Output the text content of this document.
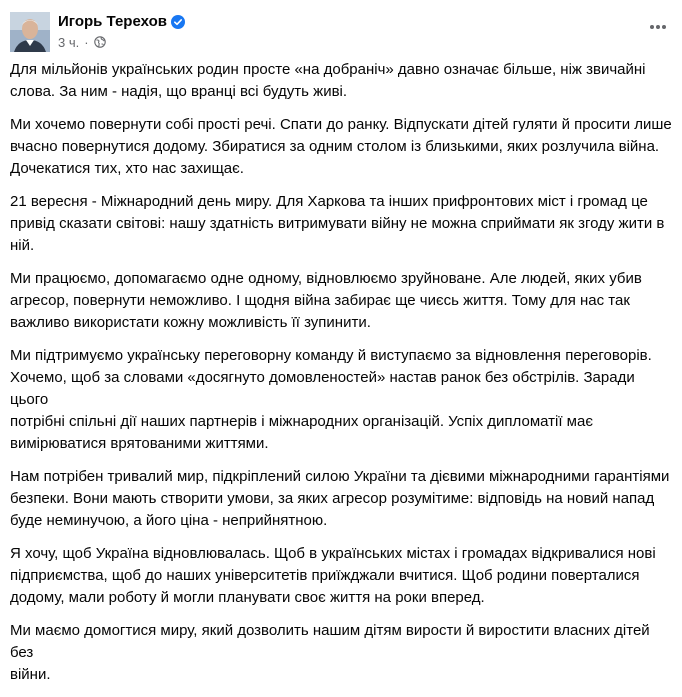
Игорь Терехов
3 ч. ·

Для мільйонів українських родин просте «на добраніч» давно означає більше, ніж звичайні
слова. За ним - надія, що вранці всі будуть живі.

Ми хочемо повернути собі прості речі. Спати до ранку. Відпускати дітей гуляти й просити лише
вчасно повернутися додому. Збиратися за одним столом із близькими, яких розлучила війна.
Дочекатися тих, хто нас захищає.

21 вересня - Міжнародний день миру. Для Харкова та інших прифронтових міст і громад це
привід сказати світові: нашу здатність витримувати війну не можна сприймати як згоду жити в
ній.

Ми працюємо, допомагаємо одне одному, відновлюємо зруйноване. Але людей, яких убив
агресор, повернути неможливо. І щодня війна забирає ще чиєсь життя. Тому для нас так
важливо використати кожну можливість її зупинити.

Ми підтримуємо українську переговорну команду й виступаємо за відновлення переговорів.
Хочемо, щоб за словами «досягнуто домовленостей» настав ранок без обстрілів. Заради цього
потрібні спільні дії наших партнерів і міжнародних організацій. Успіх дипломатії має
вимірюватися врятованими життями.

Нам потрібен тривалий мир, підкріплений силою України та дієвими міжнародними гарантіями
безпеки. Вони мають створити умови, за яких агресор розумітиме: відповідь на новий напад
буде неминучою, а його ціна - неприйнятною.

Я хочу, щоб Україна відновлювалась. Щоб в українських містах і громадах відкривалися нові
підприємства, щоб до наших університетів приїжджали вчитися. Щоб родини поверталися
додому, мали роботу й могли планувати своє життя на роки вперед.

Ми маємо домогтися миру, який дозволить нашим дітям вирости й виростити власних дітей без
війни.
